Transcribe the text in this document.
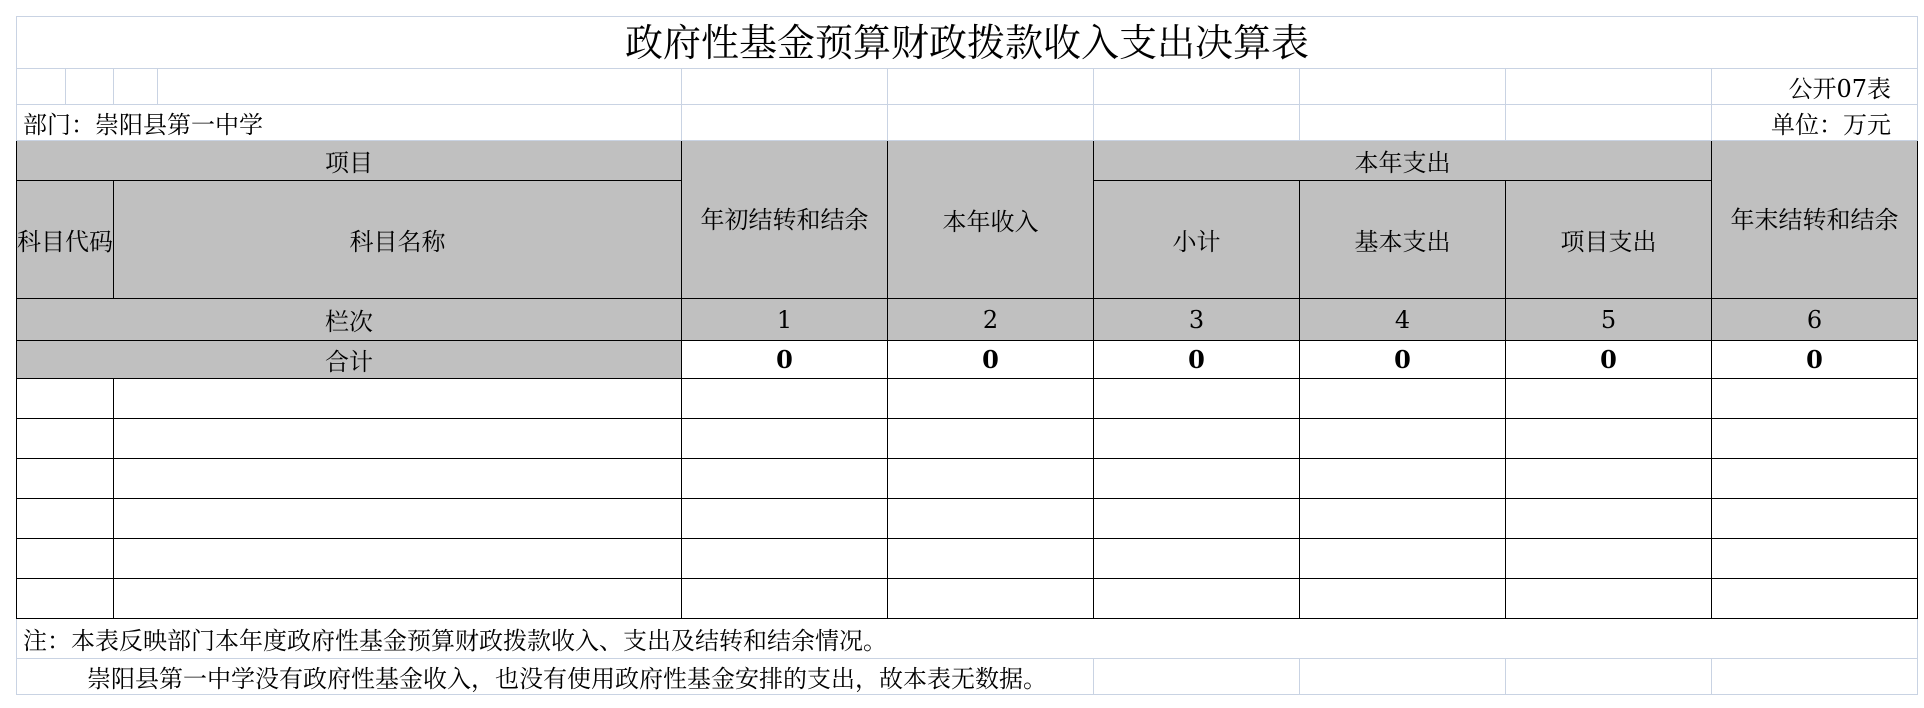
政府性基金预算财政拨款收入支出决算表									
									公开07表
部门：崇阳县第一中学									单位：万元
项目				年初结转和结余	本年收入	本年支出			年末结转和结余
科目代码		科目名称				小计	基本支出	项目支出	
栏次				1	2	3	4	5	6
合计				0	0	0	0	0	0

注：本表反映部门本年度政府性基金预算财政拨款收入、支出及结转和结余情况。									
崇阳县第一中学没有政府性基金收入，也没有使用政府性基金安排的支出，故本表无数据。									
